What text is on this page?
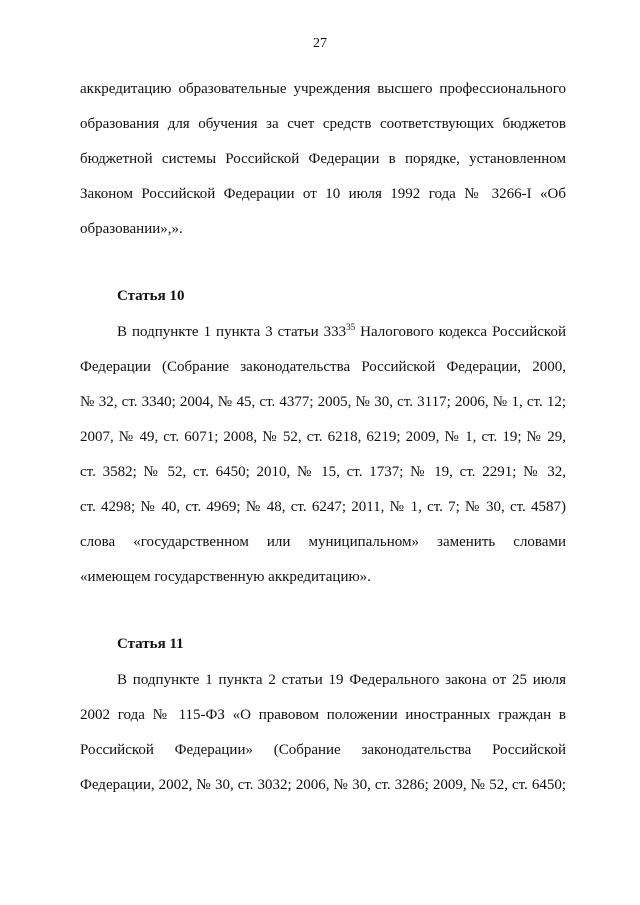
27
аккредитацию образовательные учреждения высшего профессионального
образования для обучения за счет средств соответствующих бюджетов
бюджетной системы Российской Федерации в порядке, установленном
Законом Российской Федерации от 10 июля 1992 года № 3266-I «Об
образовании»,».
Статья 10
В подпункте 1 пункта 3 статьи $333^{35}$ Налогового кодекса Российской
Федерации (Собрание законодательства Российской Федерации, 2000,
№ 32, ст. 3340; 2004, № 45, ст. 4377; 2005, № 30, ст. 3117; 2006, № 1, ст. 12;
2007, № 49, ст. 6071; 2008, № 52, ст. 6218, 6219; 2009, № 1, ст. 19; № 29,
ст. 3582; № 52, ст. 6450; 2010, № 15, ст. 1737; № 19, ст. 2291; № 32,
ст. 4298; № 40, ст. 4969; № 48, ст. 6247; 2011, № 1, ст. 7; № 30, ст. 4587)
слова «государственном или муниципальном» заменить словами
«имеющем государственную аккредитацию».
Статья 11
В подпункте 1 пункта 2 статьи 19 Федерального закона от 25 июля
2002 года № 115-ФЗ «О правовом положении иностранных граждан в
Российской Федерации» (Собрание законодательства Российской
Федерации, 2002, № 30, ст. 3032; 2006, № 30, ст. 3286; 2009, № 52, ст. 6450;
